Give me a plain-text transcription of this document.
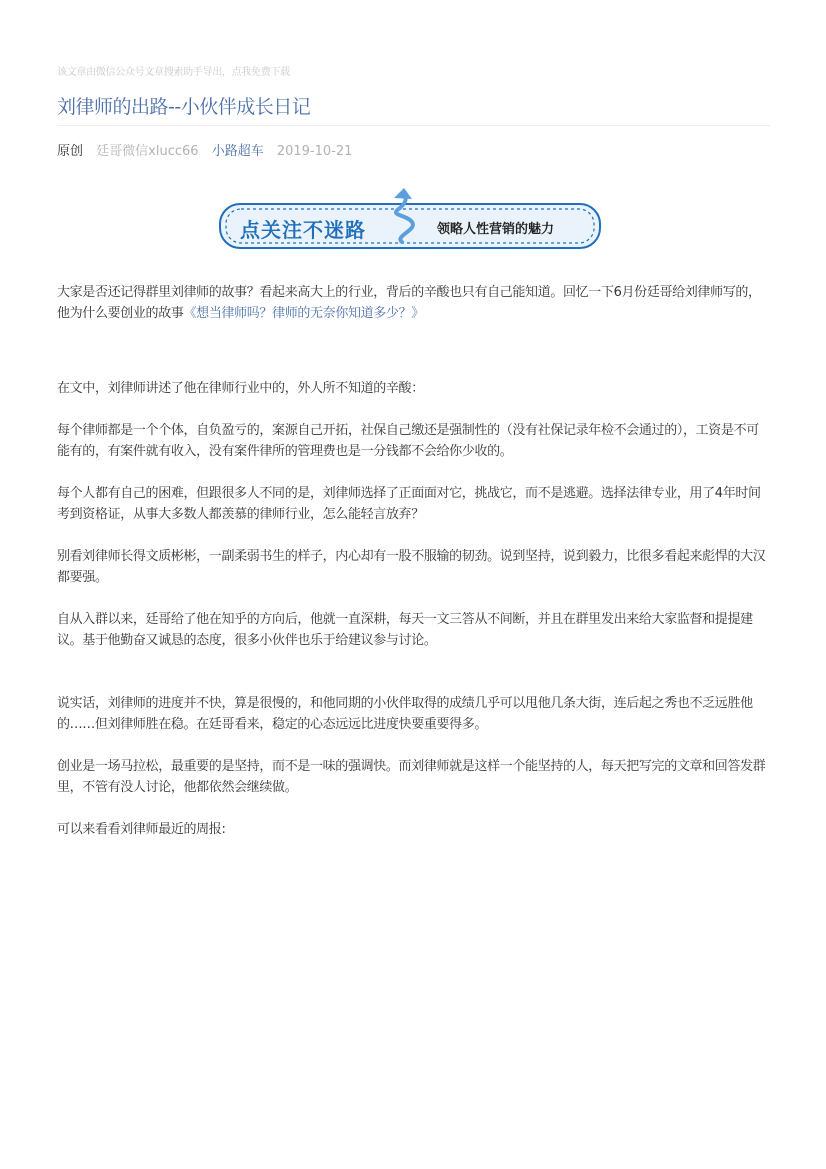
该文章由微信公众号文章搜索助手导出，点我免费下载
刘律师的出路--小伙伴成长日记
原创 廷哥微信xlucc66 小路超车 2019-10-21
点关注不迷路	领略人性营销的魅力

大家是否还记得群里刘律师的故事？看起来高大上的行业，背后的辛酸也只有自己能知道。回忆一下6月份廷哥给刘律师写的，他为什么要创业的故事《想当律师吗？律师的无奈你知道多少？》

在文中，刘律师讲述了他在律师行业中的，外人所不知道的辛酸：

每个律师都是一个个体，自负盈亏的，案源自己开拓，社保自己缴还是强制性的（没有社保记录年检不会通过的），工资是不可能有的，有案件就有收入，没有案件律所的管理费也是一分钱都不会给你少收的。

每个人都有自己的困难，但跟很多人不同的是，刘律师选择了正面面对它，挑战它，而不是逃避。选择法律专业，用了4年时间考到资格证，从事大多数人都羡慕的律师行业，怎么能轻言放弃？

别看刘律师长得文质彬彬，一副柔弱书生的样子，内心却有一股不服输的韧劲。说到坚持，说到毅力，比很多看起来彪悍的大汉都要强。

自从入群以来，廷哥给了他在知乎的方向后，他就一直深耕，每天一文三答从不间断，并且在群里发出来给大家监督和提提建议。基于他勤奋又诚恳的态度，很多小伙伴也乐于给建议参与讨论。

说实话，刘律师的进度并不快，算是很慢的，和他同期的小伙伴取得的成绩几乎可以甩他几条大街，连后起之秀也不乏远胜他的……但刘律师胜在稳。在廷哥看来，稳定的心态远远比进度快要重要得多。

创业是一场马拉松，最重要的是坚持，而不是一味的强调快。而刘律师就是这样一个能坚持的人，每天把写完的文章和回答发群里，不管有没人讨论，他都依然会继续做。

可以来看看刘律师最近的周报:
